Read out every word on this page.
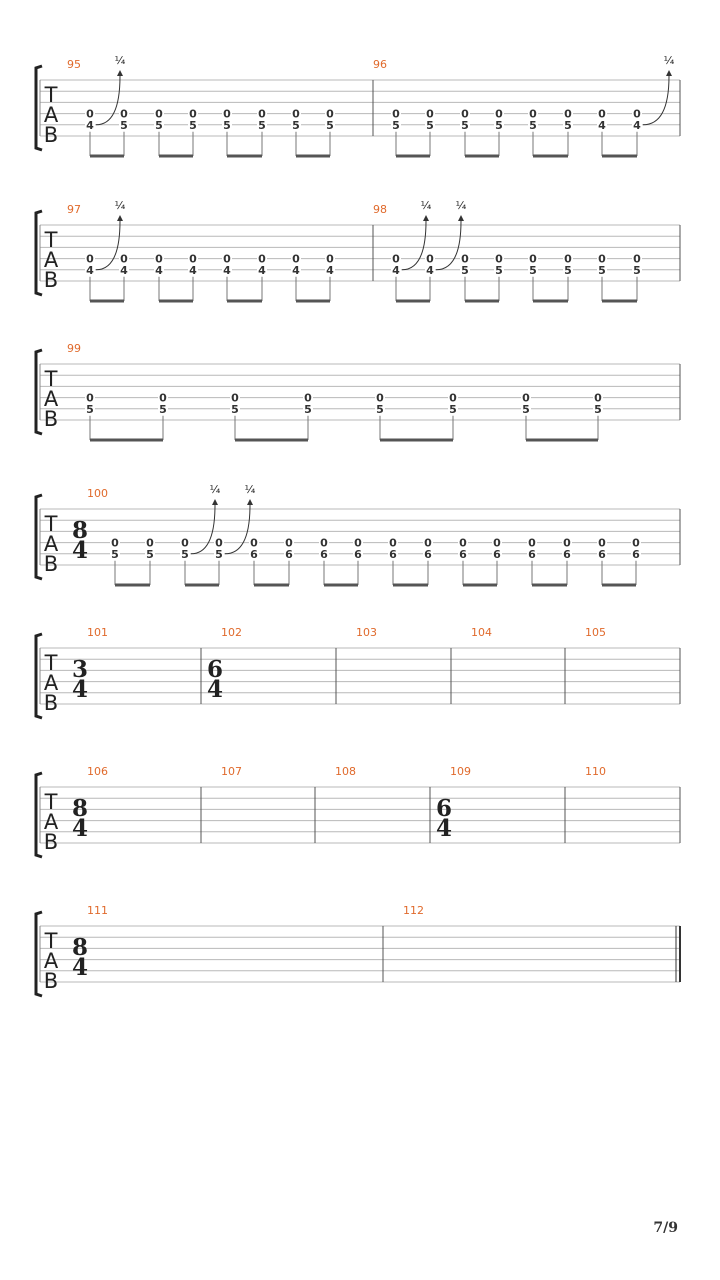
T
A
B
95
4
0
5
0
5
0
5
0
5
0
5
0
5
0
5
0
¼	96
5
0
5
0
5
0
5
0
5
0
5
0
4
0
4
0
¼
T
A
B
97
4
0
4
0
4
0
4
0
4
0
4
0
4
0
4
0
¼	98
4
0
4
0
5
0
5
0
5
0
5
0
5
0
5
0
¼ ¼
T
A
B
99
5
0
5
0
5
0
5
0
5
0
5
0
5
0
5
0
T
A
B
100
8
4 5
0
5
0
5
0
5
0
6
0
6
0
6
0
6
0
6
0
6
0
6
0
6
0
6
0
6
0
6
0
6
0
¼ ¼
T
A
B
101
3
4
102
6
4
103	104	105
T
A
B
106
8
4
107	108	109
6
4
110
T
A
B
111
8
4
112
7/9
